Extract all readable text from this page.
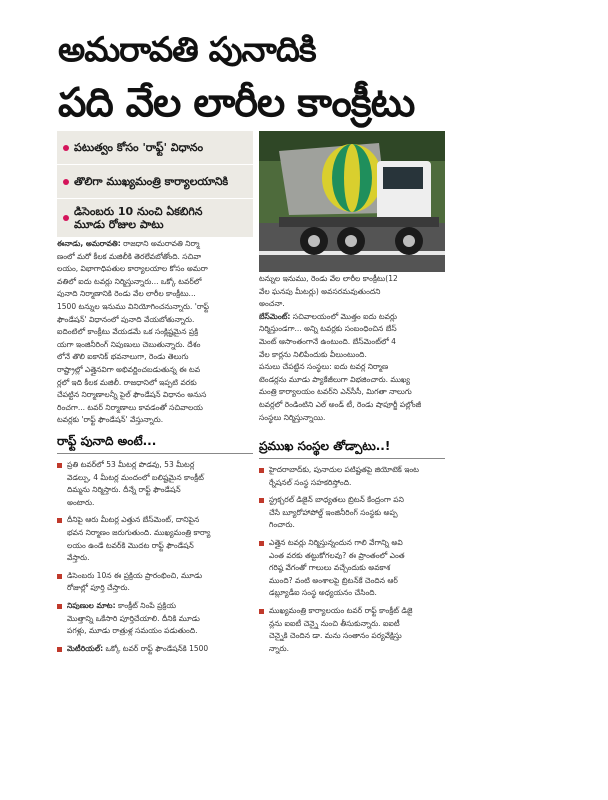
అమరావతి పునాదికి
పది వేల లారీల కాంక్రీటు
పటుత్వం కోసం 'రాఫ్ట్' విధానం
తొలిగా ముఖ్యమంత్రి కార్యాలయానికి
డిసెంబరు 10 నుంచి ఏకబిగిన
మూడు రోజుల పాటు
ఈనాడు, అమరావతి: రాజధాని అమరావతి నిర్మా
ణంలో మరో కీలక మజిలీకి తెరలేవబోతోంది. సచివా
లయం, విభాగాధిపతుల కార్యాలయాల కోసం అమరా
వతిలో ఐదు టవర్లు నిర్మిస్తున్నారు... ఒక్కో టవర్‌లో
పునాది నిర్మాణానికి రెండు వేల లారీల కాంక్రీటు...
1500 టన్నుల ఇనుము వినియోగించనున్నారు. 'రాఫ్ట్
ఫౌండేషన్' విధానంలో పునాది వేయబోతున్నారు.
ఐదింటిలో కాంక్రీటు వేయడమే ఒక సంక్లిష్టమైన ప్రక్రి
యగా ఇంజినీరింగ్ నిపుణులు చెబుతున్నారు. దేశం
లోనే తొలి ఐకానిక్ భవనాలుగా, రెండు తెలుగు
రాష్ట్రాల్లో ఎత్తైనవిగా అభివర్ణించబడుతున్న ఈ టవ
ర్లలో ఇది కీలక మజిలీ. రాజధానిలో ఇప్పటి వరకు
చేపట్టిన నిర్మాణాలన్నీ పైల్ ఫౌండేషన్ విధానం అనుస
రించగా... టవర్ నిర్మాణాలు కావడంతో సచివాలయ
టవర్లకు 'రాఫ్ట్ ఫౌండేషన్' వేస్తున్నారు.
టన్నుల ఇనుము, రెండు వేల లారీల కాంక్రీటు(12
వేల ఘనపు మీటర్లు) అవసరమవుతుందని
అంచనా.
బేస్‌మెంట్: సచివాలయంలో మొత్తం ఐదు టవర్లు
నిర్మిస్తుండగా... అన్ని టవర్లకు సంబంధించిన బేస్
మెంట్ ఆసాంతంగానే ఉంటుంది. బేస్‌మెంట్‌లో 4
వేల కార్లను నిలిపేందుకు వీలుంటుంది.
పనులు చేపట్టిన సంస్థలు: ఐదు టవర్ల నిర్మాణ
టెండర్లను మూడు ప్యాకేజీలుగా విభజించారు. ముఖ్య
మంత్రి కార్యాలయం టవర్‌ని ఎన్‌సీసీ, మిగతా నాలుగు
టవర్లలో రెండింటిని ఎల్ అండ్ టీ, రెండు షాపూర్జీ పల్లోంజీ
సంస్థలు నిర్మిస్తున్నాయి.
రాఫ్ట్ పునాది అంటే...
ప్రతి టవర్‌లో 53 మీటర్ల పొడవు, 53 మీటర్ల
వెడల్పు, 4 మీటర్ల మందంలో బలిష్టమైన కాంక్రీట్
దిమ్మను నిర్మిస్తారు. దీన్నే రాఫ్ట్ ఫౌండేషన్
అంటారు.
దీనిపై ఆరు మీటర్ల ఎత్తున బేస్‌మెంట్, దానిపైన
భవన నిర్మాణం జరుగుతుంది. ముఖ్యమంత్రి కార్యా
లయం ఉండే టవర్‌కి మొదట రాఫ్ట్ ఫౌండేషన్
వేస్తారు.
డిసెంబరు 10న ఈ ప్రక్రియ ప్రారంభించి, మూడు
రోజుల్లో పూర్తి చేస్తారు.
నిపుణుల మాట: కాంక్రీట్ నింపే ప్రక్రియ
మొత్తాన్ని ఒకేసారి పూర్తిచేయాలి. దీనికి మూడు
పగళ్లు, మూడు రాత్రుళ్ల సమయం పడుతుంది.
మెటీరియల్: ఒక్కో టవర్ రాఫ్ట్ ఫౌండేషన్‌కి 1500
ప్రముఖ సంస్థల తోడ్పాటు..!
హైదరాబాద్‌కు, పునాదుల పటిష్టతపై జియోటెక్ ఇంట
ర్నేషనల్ సంస్థ సహకరిస్తోంది.
స్ట్రక్చరల్ డిజైన్ బాధ్యతలు బ్రిటన్ కేంద్రంగా పని
చేసే బ్యూరోహాపోల్డ్ ఇంజినీరింగ్ సంస్థకు అప్ప
గించారు.
ఎత్తైన టవర్లు నిర్మిస్తున్నందున గాలి వేగాన్ని అవి
ఎంత వరకు తట్టుకోగలవు? ఈ ప్రాంతంలో ఎంత
గరిష్ఠ వేగంతో గాలులు వచ్చేందుకు అవకాశ
ముంది? వంటి అంశాలపై బ్రిటన్‌కే చెందిన ఆర్
డబ్ల్యూడీఐ సంస్థ అధ్యయనం చేసింది.
ముఖ్యమంత్రి కార్యాలయం టవర్ రాఫ్ట్ కాంక్రీట్ డిజై
న్లను ఐఐటీ చెన్నై నుంచి తీసుకున్నారు. ఐఐటీ
చెన్నైకి చెందిన డా. మను సంతానం పర్యవేక్షిస్తు
న్నారు.
